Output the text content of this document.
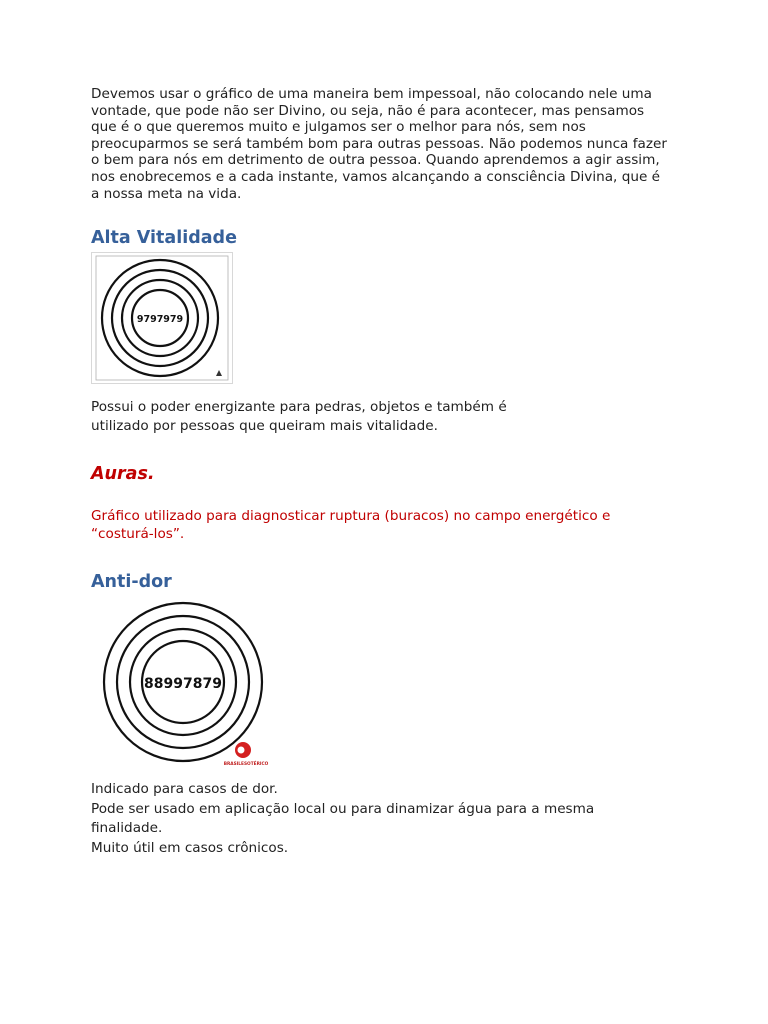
Devemos usar o gráfico de uma maneira bem impessoal, não colocando nele uma
vontade, que pode não ser Divino, ou seja, não é para acontecer, mas pensamos
que é o que queremos muito e julgamos ser o melhor para nós, sem nos
preocuparmos se será também bom para outras pessoas. Não podemos nunca fazer
o bem para nós em detrimento de outra pessoa. Quando aprendemos a agir assim,
nos enobrecemos e a cada instante, vamos alcançando a consciência Divina, que é
a nossa meta na vida.
Alta Vitalidade
9797979
Possui o poder energizante para pedras, objetos e também é
utilizado por pessoas que queiram mais vitalidade.
Auras.
Gráfico utilizado para diagnosticar ruptura (buracos) no campo energético e
“costurá-los”.
Anti-dor
88997879
BRASILESOTÉRICO
Indicado para casos de dor.
Pode ser usado em aplicação local ou para dinamizar água para a mesma
finalidade.
Muito útil em casos crônicos.
